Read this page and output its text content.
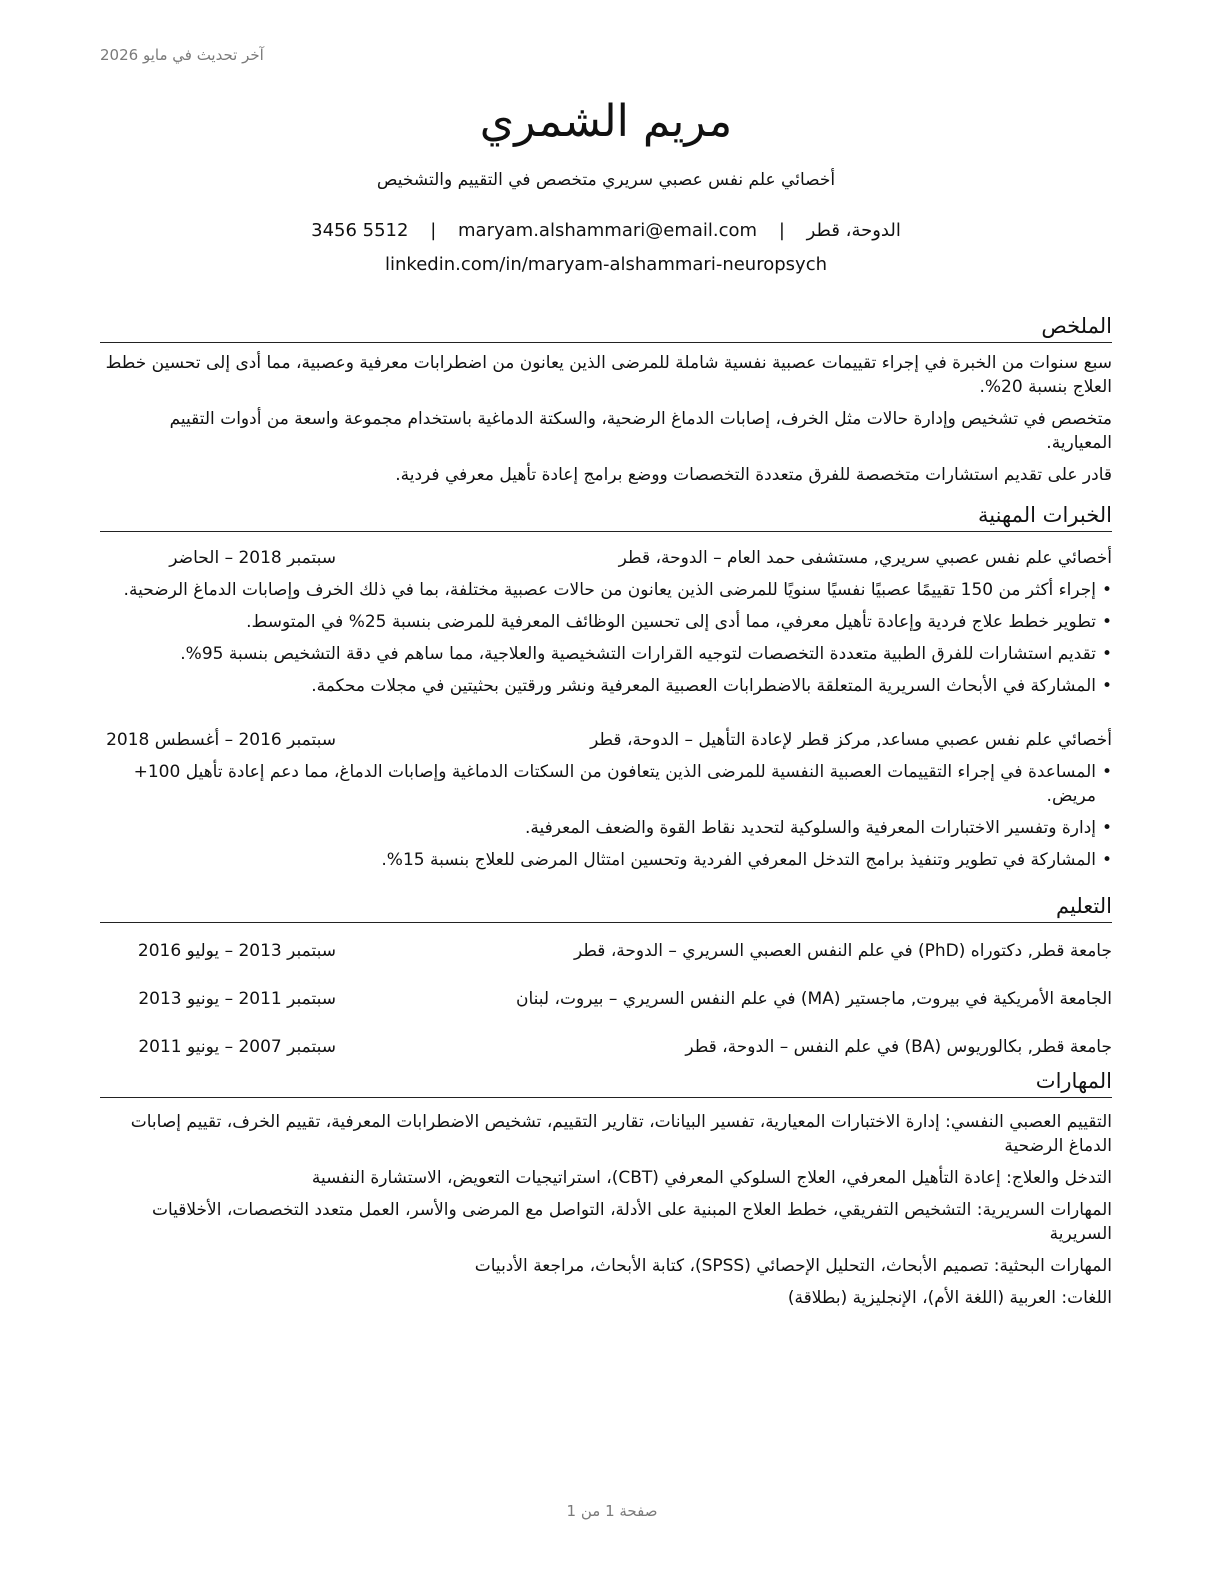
آخر تحديث في مايو 2026
مريم الشمري
أخصائي علم نفس عصبي سريري متخصص في التقييم والتشخيص
الدوحة، قطر | maryam.alshammari@email.com | 3456 5512
linkedin.com/in/maryam-alshammari-neuropsych
الملخص
سبع سنوات من الخبرة في إجراء تقييمات عصبية نفسية شاملة للمرضى الذين يعانون من اضطرابات معرفية وعصبية، مما أدى إلى تحسين خطط العلاج بنسبة 20%.
متخصص في تشخيص وإدارة حالات مثل الخرف، إصابات الدماغ الرضحية، والسكتة الدماغية باستخدام مجموعة واسعة من أدوات التقييم المعيارية.
قادر على تقديم استشارات متخصصة للفرق متعددة التخصصات ووضع برامج إعادة تأهيل معرفي فردية.
الخبرات المهنية
أخصائي علم نفس عصبي سريري, مستشفى حمد العام – الدوحة، قطر
سبتمبر 2018 – الحاضر
•
إجراء أكثر من 150 تقييمًا عصبيًا نفسيًا سنويًا للمرضى الذين يعانون من حالات عصبية مختلفة، بما في ذلك الخرف وإصابات الدماغ الرضحية.
•
تطوير خطط علاج فردية وإعادة تأهيل معرفي، مما أدى إلى تحسين الوظائف المعرفية للمرضى بنسبة 25% في المتوسط.
•
تقديم استشارات للفرق الطبية متعددة التخصصات لتوجيه القرارات التشخيصية والعلاجية، مما ساهم في دقة التشخيص بنسبة 95%.
•
المشاركة في الأبحاث السريرية المتعلقة بالاضطرابات العصبية المعرفية ونشر ورقتين بحثيتين في مجلات محكمة.
أخصائي علم نفس عصبي مساعد, مركز قطر لإعادة التأهيل – الدوحة، قطر
سبتمبر 2016 – أغسطس 2018
•
المساعدة في إجراء التقييمات العصبية النفسية للمرضى الذين يتعافون من السكتات الدماغية وإصابات الدماغ، مما دعم إعادة تأهيل 100+ مريض.
•
إدارة وتفسير الاختبارات المعرفية والسلوكية لتحديد نقاط القوة والضعف المعرفية.
•
المشاركة في تطوير وتنفيذ برامج التدخل المعرفي الفردية وتحسين امتثال المرضى للعلاج بنسبة 15%.
التعليم
جامعة قطر, دكتوراه (PhD) في علم النفس العصبي السريري – الدوحة، قطر
سبتمبر 2013 – يوليو 2016
الجامعة الأمريكية في بيروت, ماجستير (MA) في علم النفس السريري – بيروت، لبنان
سبتمبر 2011 – يونيو 2013
جامعة قطر, بكالوريوس (BA) في علم النفس – الدوحة، قطر
سبتمبر 2007 – يونيو 2011
المهارات
التقييم العصبي النفسي: إدارة الاختبارات المعيارية، تفسير البيانات، تقارير التقييم، تشخيص الاضطرابات المعرفية، تقييم الخرف، تقييم إصابات الدماغ الرضحية
التدخل والعلاج: إعادة التأهيل المعرفي، العلاج السلوكي المعرفي (CBT)، استراتيجيات التعويض، الاستشارة النفسية
المهارات السريرية: التشخيص التفريقي، خطط العلاج المبنية على الأدلة، التواصل مع المرضى والأسر، العمل متعدد التخصصات، الأخلاقيات السريرية
المهارات البحثية: تصميم الأبحاث، التحليل الإحصائي (SPSS)، كتابة الأبحاث، مراجعة الأدبيات
اللغات: العربية (اللغة الأم)، الإنجليزية (بطلاقة)
صفحة 1 من 1
